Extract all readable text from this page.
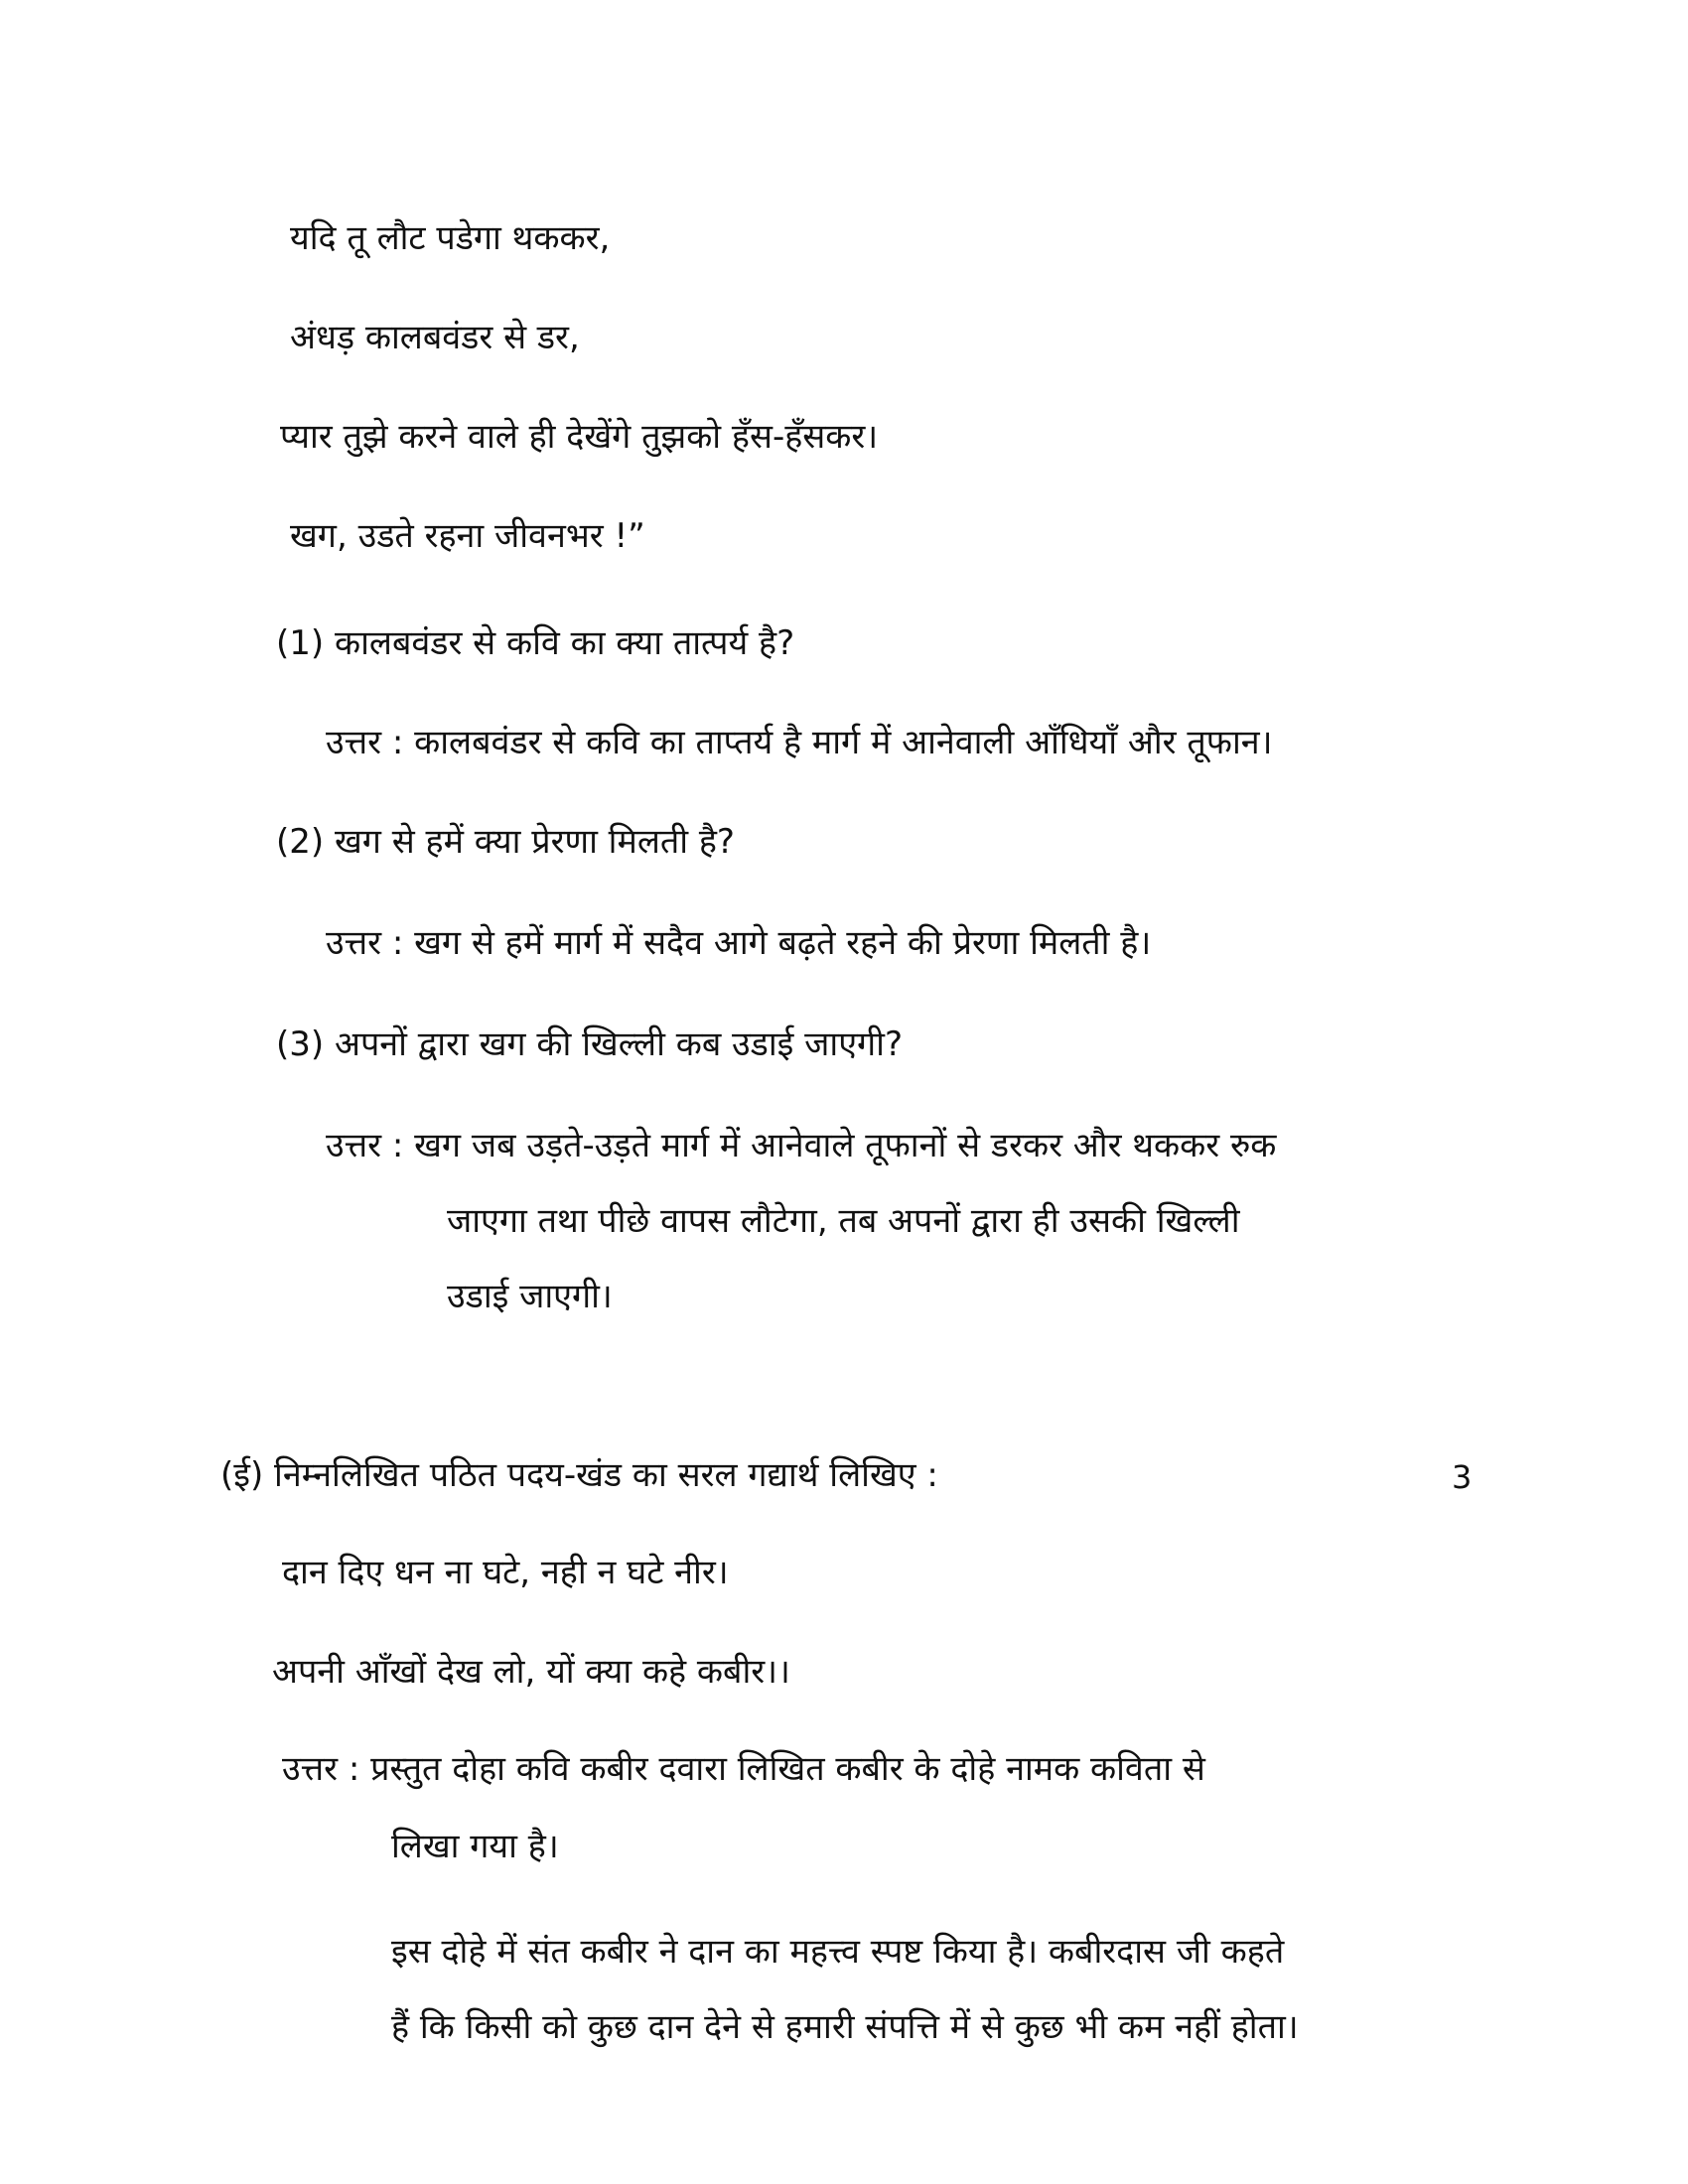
यदि तू लौट पडेगा थककर,
अंधड़ कालबवंडर से डर,
प्यार तुझे करने वाले ही देखेंगे तुझको हँस-हँसकर।
खग, उडते रहना जीवनभर !”
(1) कालबवंडर से कवि का क्या तात्पर्य है?
उत्तर : कालबवंडर से कवि का ताप्तर्य है मार्ग में आनेवाली आँधियाँ और तूफान।
(2) खग से हमें क्या प्रेरणा मिलती है?
उत्तर : खग से हमें मार्ग में सदैव आगे बढ़ते रहने की प्रेरणा मिलती है।
(3) अपनों द्वारा खग की खिल्ली कब उडाई जाएगी?
उत्तर : खग जब उड़ते-उड़ते मार्ग में आनेवाले तूफानों से डरकर और थककर रुक
जाएगा तथा पीछे वापस लौटेगा, तब अपनों द्वारा ही उसकी खिल्ली
उडाई जाएगी।
(ई) निम्नलिखित पठित पदय-खंड का सरल गद्यार्थ लिखिए :	3
दान दिए धन ना घटे, नही न घटे नीर।
अपनी आँखों देख लो, यों क्या कहे कबीर।।
उत्तर : प्रस्तुत दोहा कवि कबीर दवारा लिखित कबीर के दोहे नामक कविता से
लिखा गया है।
इस दोहे में संत कबीर ने दान का महत्त्व स्पष्ट किया है। कबीरदास जी कहते
हैं कि किसी को कुछ दान देने से हमारी संपत्ति में से कुछ भी कम नहीं होता।
